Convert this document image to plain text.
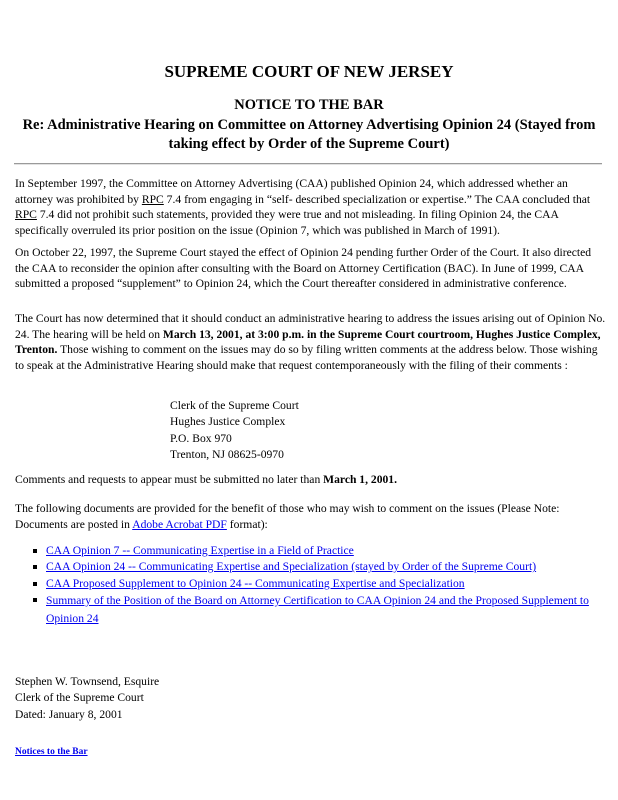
SUPREME COURT OF NEW JERSEY

NOTICE TO THE BAR

Re: Administrative Hearing on Committee on Attorney Advertising Opinion 24 (Stayed from taking effect by Order of the Supreme Court)

In September 1997, the Committee on Attorney Advertising (CAA) published Opinion 24, which addressed whether an attorney was prohibited by RPC 7.4 from engaging in “self- described specialization or expertise.” The CAA concluded that RPC 7.4 did not prohibit such statements, provided they were true and not misleading. In filing Opinion 24, the CAA specifically overruled its prior position on the issue (Opinion 7, which was published in March of 1991).

On October 22, 1997, the Supreme Court stayed the effect of Opinion 24 pending further Order of the Court. It also directed the CAA to reconsider the opinion after consulting with the Board on Attorney Certification (BAC). In June of 1999, CAA submitted a proposed “supplement” to Opinion 24, which the Court thereafter considered in administrative conference.

The Court has now determined that it should conduct an administrative hearing to address the issues arising out of Opinion No. 24. The hearing will be held on March 13, 2001, at 3:00 p.m. in the Supreme Court courtroom, Hughes Justice Complex, Trenton. Those wishing to comment on the issues may do so by filing written comments at the address below. Those wishing to speak at the Administrative Hearing should make that request contemporaneously with the filing of their comments :

Clerk of the Supreme Court
Hughes Justice Complex
P.O. Box 970
Trenton, NJ 08625-0970

Comments and requests to appear must be submitted no later than March 1, 2001.

The following documents are provided for the benefit of those who may wish to comment on the issues (Please Note: Documents are posted in Adobe Acrobat PDF format):

CAA Opinion 7 -- Communicating Expertise in a Field of Practice
CAA Opinion 24 -- Communicating Expertise and Specialization (stayed by Order of the Supreme Court)
CAA Proposed Supplement to Opinion 24 -- Communicating Expertise and Specialization
Summary of the Position of the Board on Attorney Certification to CAA Opinion 24 and the Proposed Supplement to Opinion 24
Stephen W. Townsend, Esquire
Clerk of the Supreme Court
Dated: January 8, 2001
Notices to the Bar
